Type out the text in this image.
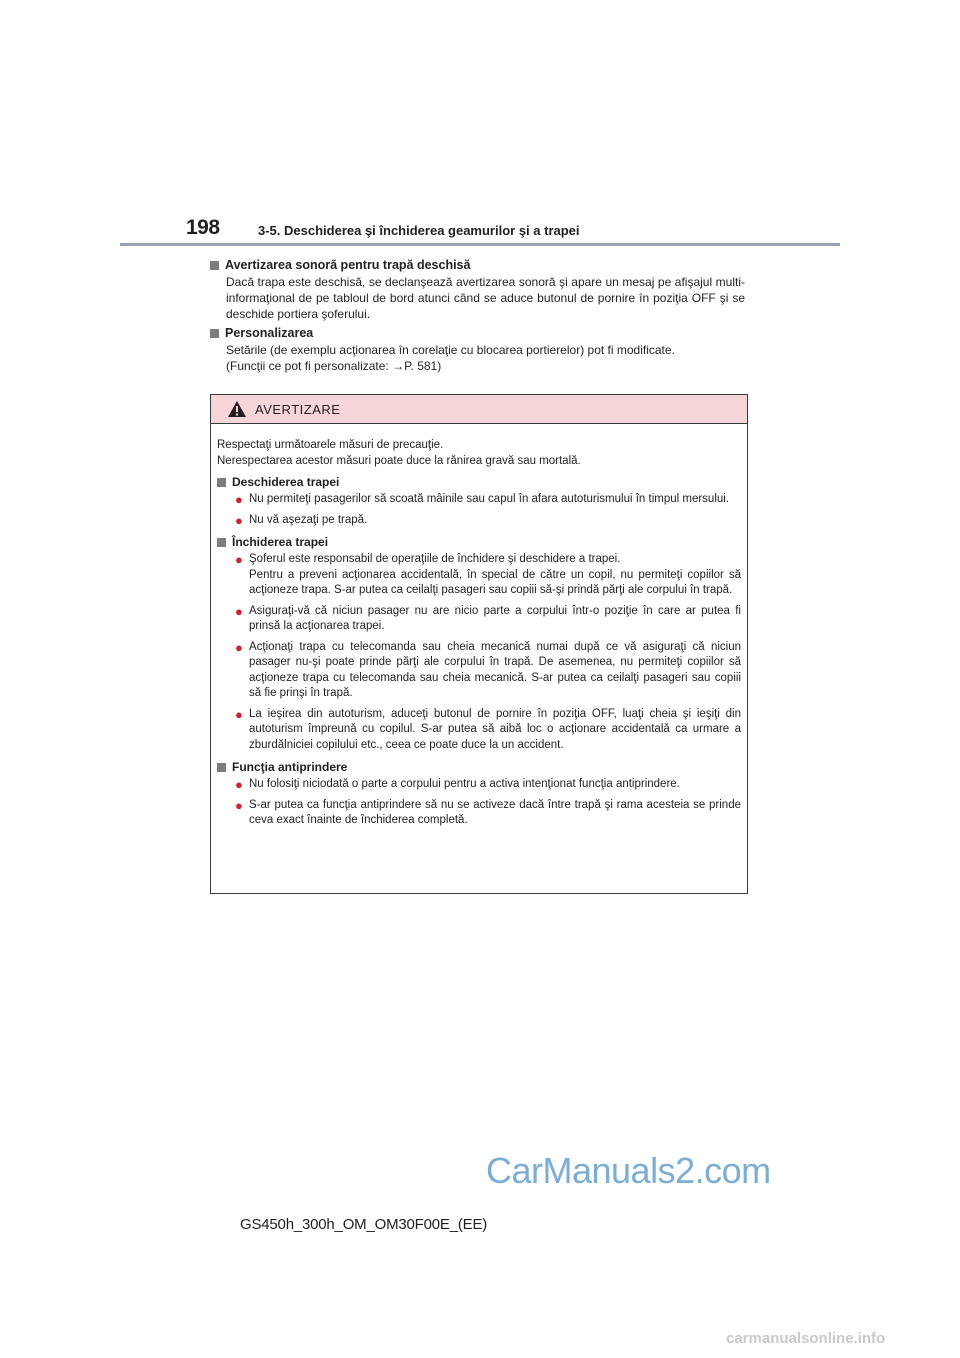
198	3-5. Deschiderea şi închiderea geamurilor şi a trapei
Avertizarea sonoră pentru trapă deschisă

Dacă trapa este deschisă, se declanşează avertizarea sonoră şi apare un mesaj pe afişajul multi-informaţional de pe tabloul de bord atunci când se aduce butonul de pornire în poziţia OFF şi se deschide portiera şoferului.

Personalizarea

Setările (de exemplu acţionarea în corelaţie cu blocarea portierelor) pot fi modificate.

(Funcţii ce pot fi personalizate: →P. 581)

AVERTIZARE

Respectaţi următoarele măsuri de precauţie.

Nerespectarea acestor măsuri poate duce la rănirea gravă sau mortală.

Deschiderea trapei
● Nu permiteţi pasagerilor să scoată mâinile sau capul în afara autoturismului în timpul mersului.

● Nu vă aşezaţi pe trapă.

Închiderea trapei
● Şoferul este responsabil de operaţiile de închidere şi deschidere a trapei.

Pentru a preveni acţionarea accidentală, în special de către un copil, nu permiteţi copiilor să acţioneze trapa. S-ar putea ca ceilalţi pasageri sau copiii să-şi prindă părţi ale corpului în trapă.

● Asiguraţi-vă că niciun pasager nu are nicio parte a corpului într-o poziţie în care ar putea fi prinsă la acţionarea trapei.

● Acţionaţi trapa cu telecomanda sau cheia mecanică numai după ce vă asiguraţi că niciun pasager nu-şi poate prinde părţi ale corpului în trapă. De asemenea, nu permiteţi copiilor să acţioneze trapa cu telecomanda sau cheia mecanică. S-ar putea ca ceilalţi pasageri sau copiii să fie prinşi în trapă.

● La ieşirea din autoturism, aduceţi butonul de pornire în poziţia OFF, luaţi cheia şi ieşiţi din autoturism împreună cu copilul. S-ar putea să aibă loc o acţionare accidentală ca urmare a zburdălniciei copilului etc., ceea ce poate duce la un accident.

Funcţia antiprindere
● Nu folosiţi niciodată o parte a corpului pentru a activa intenţionat funcţia antiprindere.

● S-ar putea ca funcţia antiprindere să nu se activeze dacă între trapă şi rama acesteia se prinde ceva exact înainte de închiderea completă.

CarManuals2.com
GS450h_300h_OM_OM30F00E_(EE)
carmanualsonline.info
